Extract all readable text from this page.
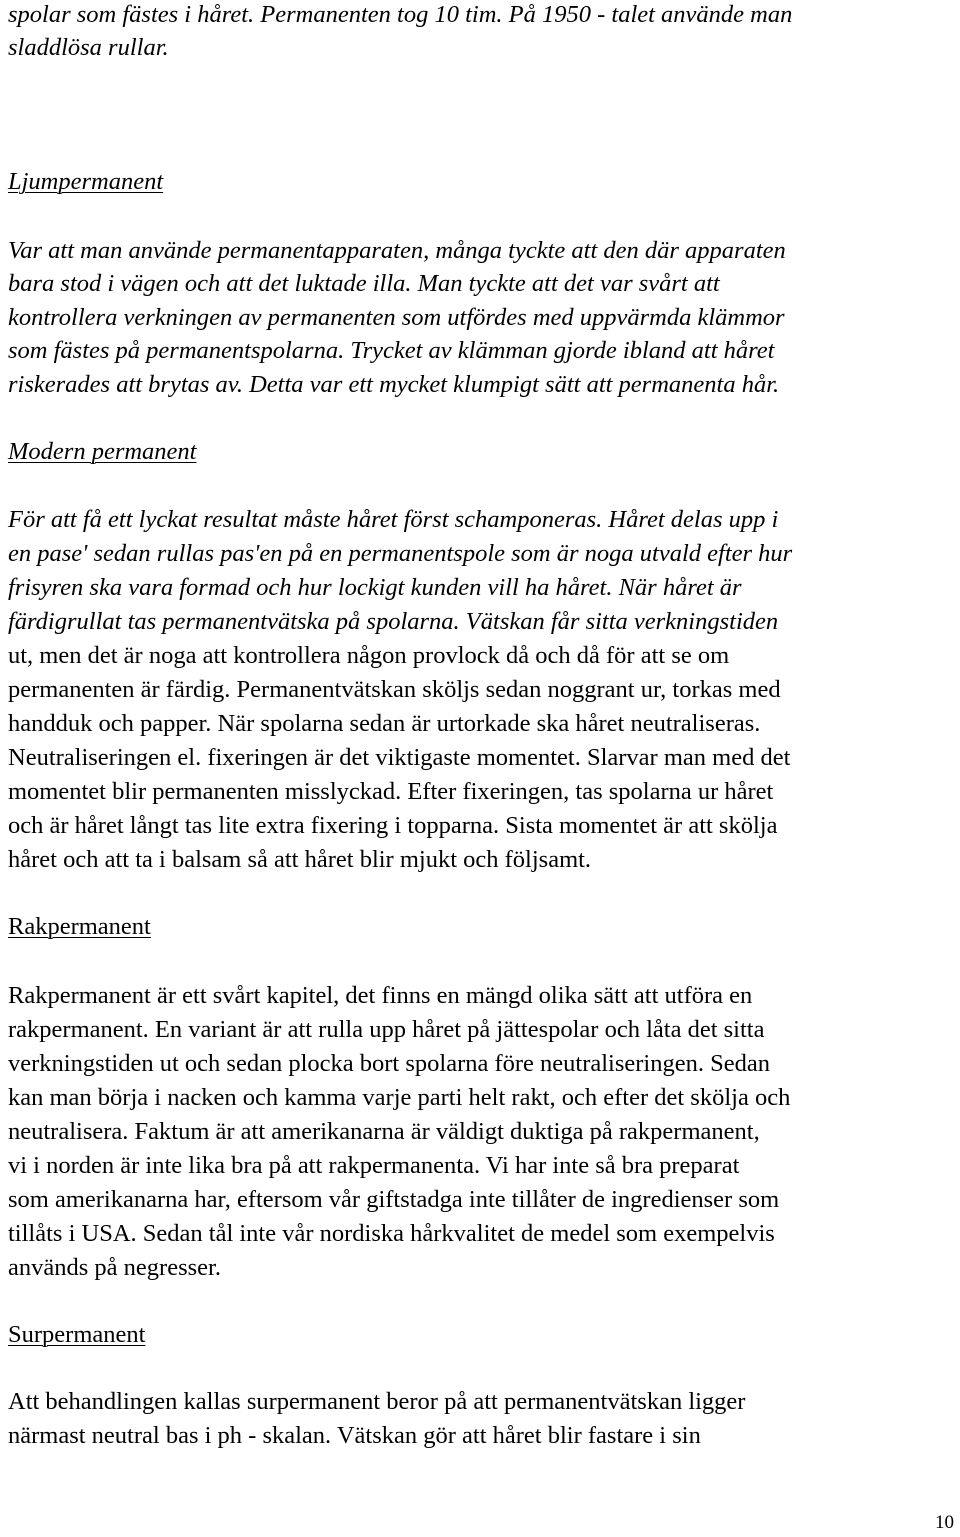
spolar som fästes i håret. Permanenten tog 10 tim. På 1950 - talet använde man
sladdlösa rullar.
Ljumpermanent
Var att man använde permanentapparaten, många tyckte att den där apparaten
bara stod i vägen och att det luktade illa. Man tyckte att det var svårt att
kontrollera verkningen av permanenten som utfördes med uppvärmda klämmor
som fästes på permanentspolarna. Trycket av klämman gjorde ibland att håret
riskerades att brytas av. Detta var ett mycket klumpigt sätt att permanenta hår.
Modern permanent
För att få ett lyckat resultat måste håret först schamponeras. Håret delas upp i
en pase' sedan rullas pas'en på en permanentspole som är noga utvald efter hur
frisyren ska vara formad och hur lockigt kunden vill ha håret. När håret är
färdigrullat tas permanentvätska på spolarna. Vätskan får sitta verkningstiden
ut, men det är noga att kontrollera någon provlock då och då för att se om
permanenten är färdig. Permanentvätskan sköljs sedan noggrant ur, torkas med
handduk och papper. När spolarna sedan är urtorkade ska håret neutraliseras.
Neutraliseringen el. fixeringen är det viktigaste momentet. Slarvar man med det
momentet blir permanenten misslyckad. Efter fixeringen, tas spolarna ur håret
och är håret långt tas lite extra fixering i topparna. Sista momentet är att skölja
håret och att ta i balsam så att håret blir mjukt och följsamt.
Rakpermanent
Rakpermanent är ett svårt kapitel, det finns en mängd olika sätt att utföra en
rakpermanent. En variant är att rulla upp håret på jättespolar och låta det sitta
verkningstiden ut och sedan plocka bort spolarna före neutraliseringen. Sedan
kan man börja i nacken och kamma varje parti helt rakt, och efter det skölja och
neutralisera. Faktum är att amerikanarna är väldigt duktiga på rakpermanent,
vi i norden är inte lika bra på att rakpermanenta. Vi har inte så bra preparat
som amerikanarna har, eftersom vår giftstadga inte tillåter de ingredienser som
tillåts i USA. Sedan tål inte vår nordiska hårkvalitet de medel som exempelvis
används på negresser.
Surpermanent
Att behandlingen kallas surpermanent beror på att permanentvätskan ligger
närmast neutral bas i ph - skalan. Vätskan gör att håret blir fastare i sin
10
